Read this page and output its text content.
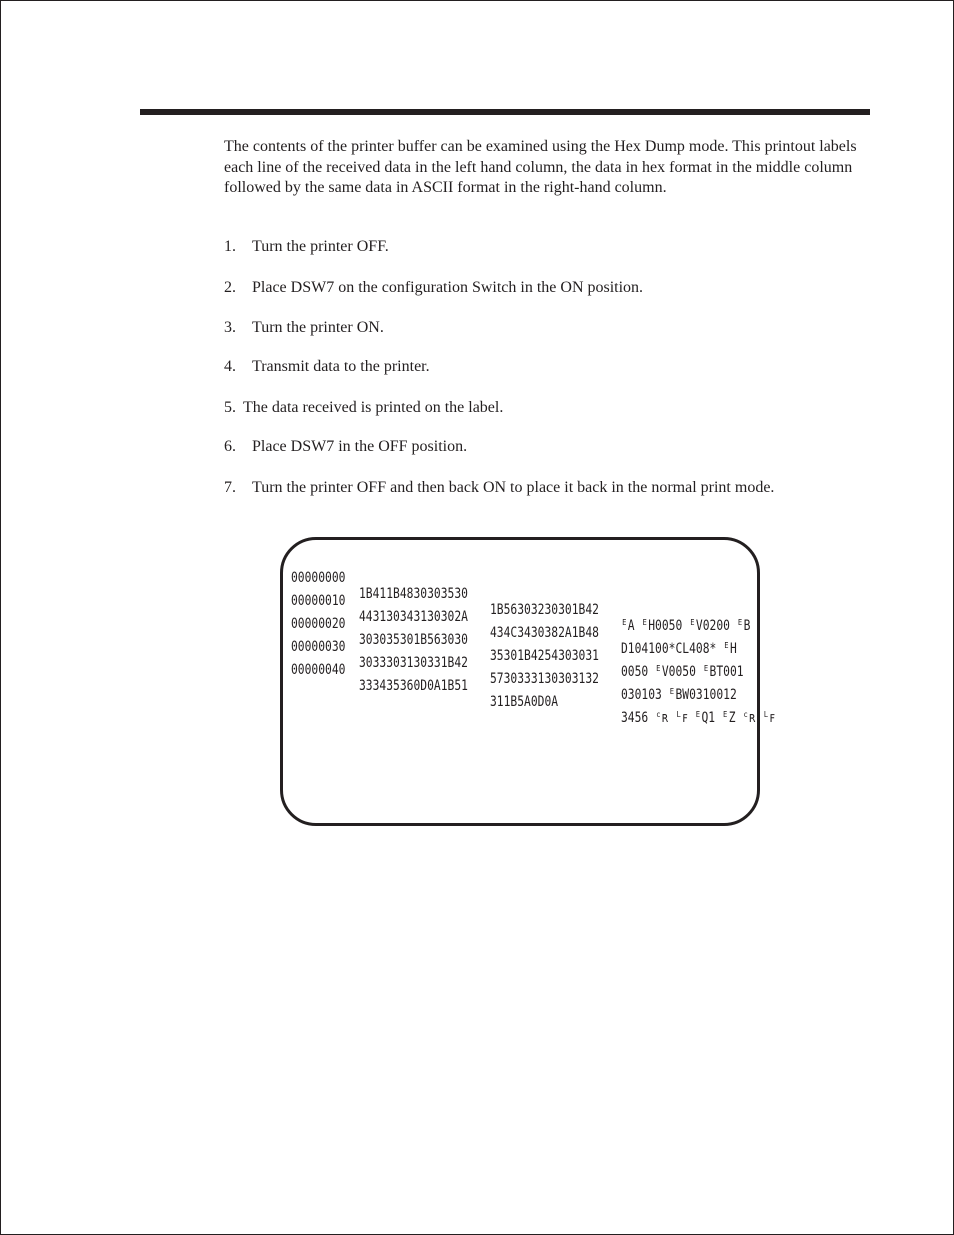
The contents of the printer buffer can be examined using the Hex Dump mode. This printout labels each line of the received data in the left hand column, the data in hex format in the middle column followed by the same data in ASCII format in the right-hand column.

1. Turn the printer OFF.
2. Place DSW7 on the configuration Switch in the ON position.
3. Turn the printer ON.
4. Transmit data to the printer.
5. The data received is printed on the label.
6. Place DSW7 in the OFF position.
7. Turn the printer OFF and then back ON to place it back in the normal print mode.

00000000

1B411B4830303530

1B56303230301B42

ᴱA ᴱH0050 ᴱV0200 ᴱB

00000010

443130343130302A

434C3430382A1B48

D104100*CL408* ᴱH

00000020

303035301B563030

35301B4254303031

0050 ᴱV0050 ᴱBT001

00000030

3033303130331B42

5730333130303132

030103 ᴱBW0310012

00000040

333435360D0A1B51

311B5A0D0A

3456 ᶜʀ ᴸꜰ ᴱQ1 ᴱZ ᶜʀ ᴸꜰ
